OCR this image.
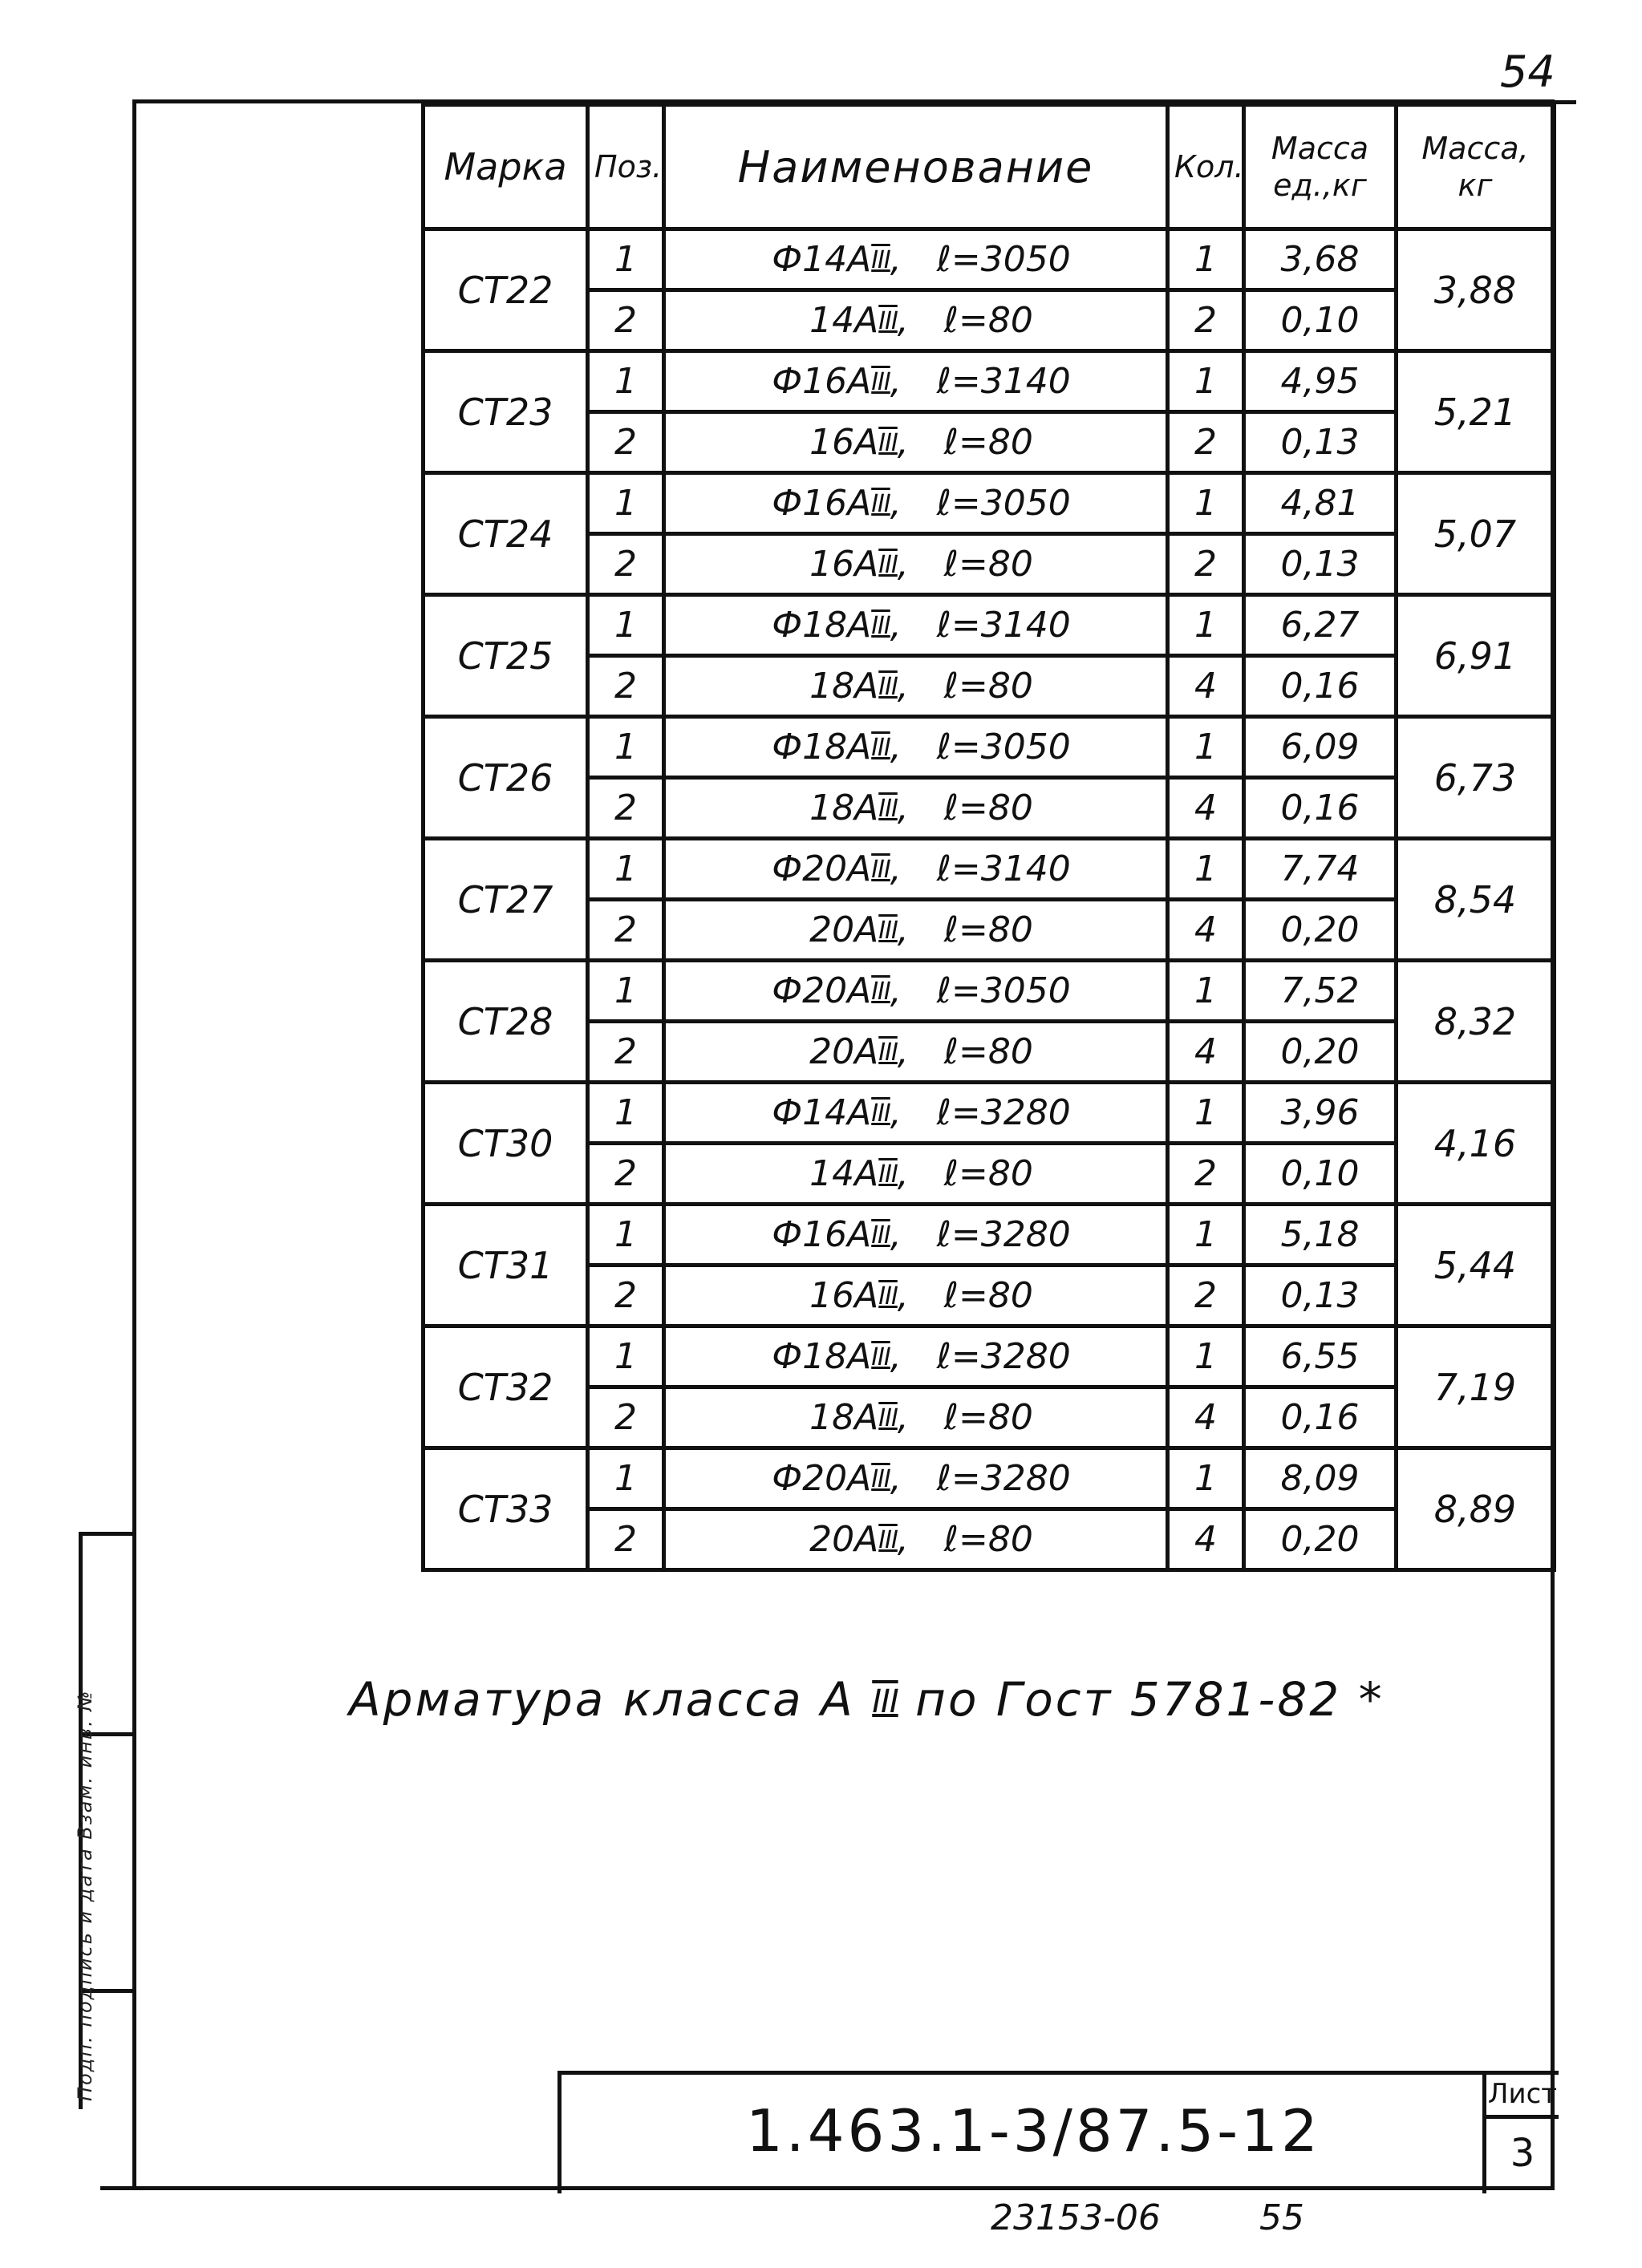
54
Подп. подпись и дата Взам. инв. №
Марка	Поз.	Наименование	Кол.	Масса ед.,кг	Масса, кг
СТ22	1	Ф14АIII, ℓ=3050	1	3,68	3,88
	2	14АIII, ℓ=80	2	0,10	
СТ23	1	Ф16АIII, ℓ=3140	1	4,95	5,21
	2	16АIII, ℓ=80	2	0,13	
СТ24	1	Ф16АIII, ℓ=3050	1	4,81	5,07
	2	16АIII, ℓ=80	2	0,13	
СТ25	1	Ф18АIII, ℓ=3140	1	6,27	6,91
	2	18АIII, ℓ=80	4	0,16	
СТ26	1	Ф18АIII, ℓ=3050	1	6,09	6,73
	2	18АIII, ℓ=80	4	0,16	
СТ27	1	Ф20АIII, ℓ=3140	1	7,74	8,54
	2	20АIII, ℓ=80	4	0,20	
СТ28	1	Ф20АIII, ℓ=3050	1	7,52	8,32
	2	20АIII, ℓ=80	4	0,20	
СТ30	1	Ф14АIII, ℓ=3280	1	3,96	4,16
	2	14АIII, ℓ=80	2	0,10	
СТ31	1	Ф16АIII, ℓ=3280	1	5,18	5,44
	2	16АIII, ℓ=80	2	0,13	
СТ32	1	Ф18АIII, ℓ=3280	1	6,55	7,19
	2	18АIII, ℓ=80	4	0,16	
СТ33	1	Ф20АIII, ℓ=3280	1	8,09	8,89
	2	20АIII, ℓ=80	4	0,20	
Арматура класса А III по Гост 5781-82 *
1.463.1-3/87.5-12
Лист
3
23153-06	55
